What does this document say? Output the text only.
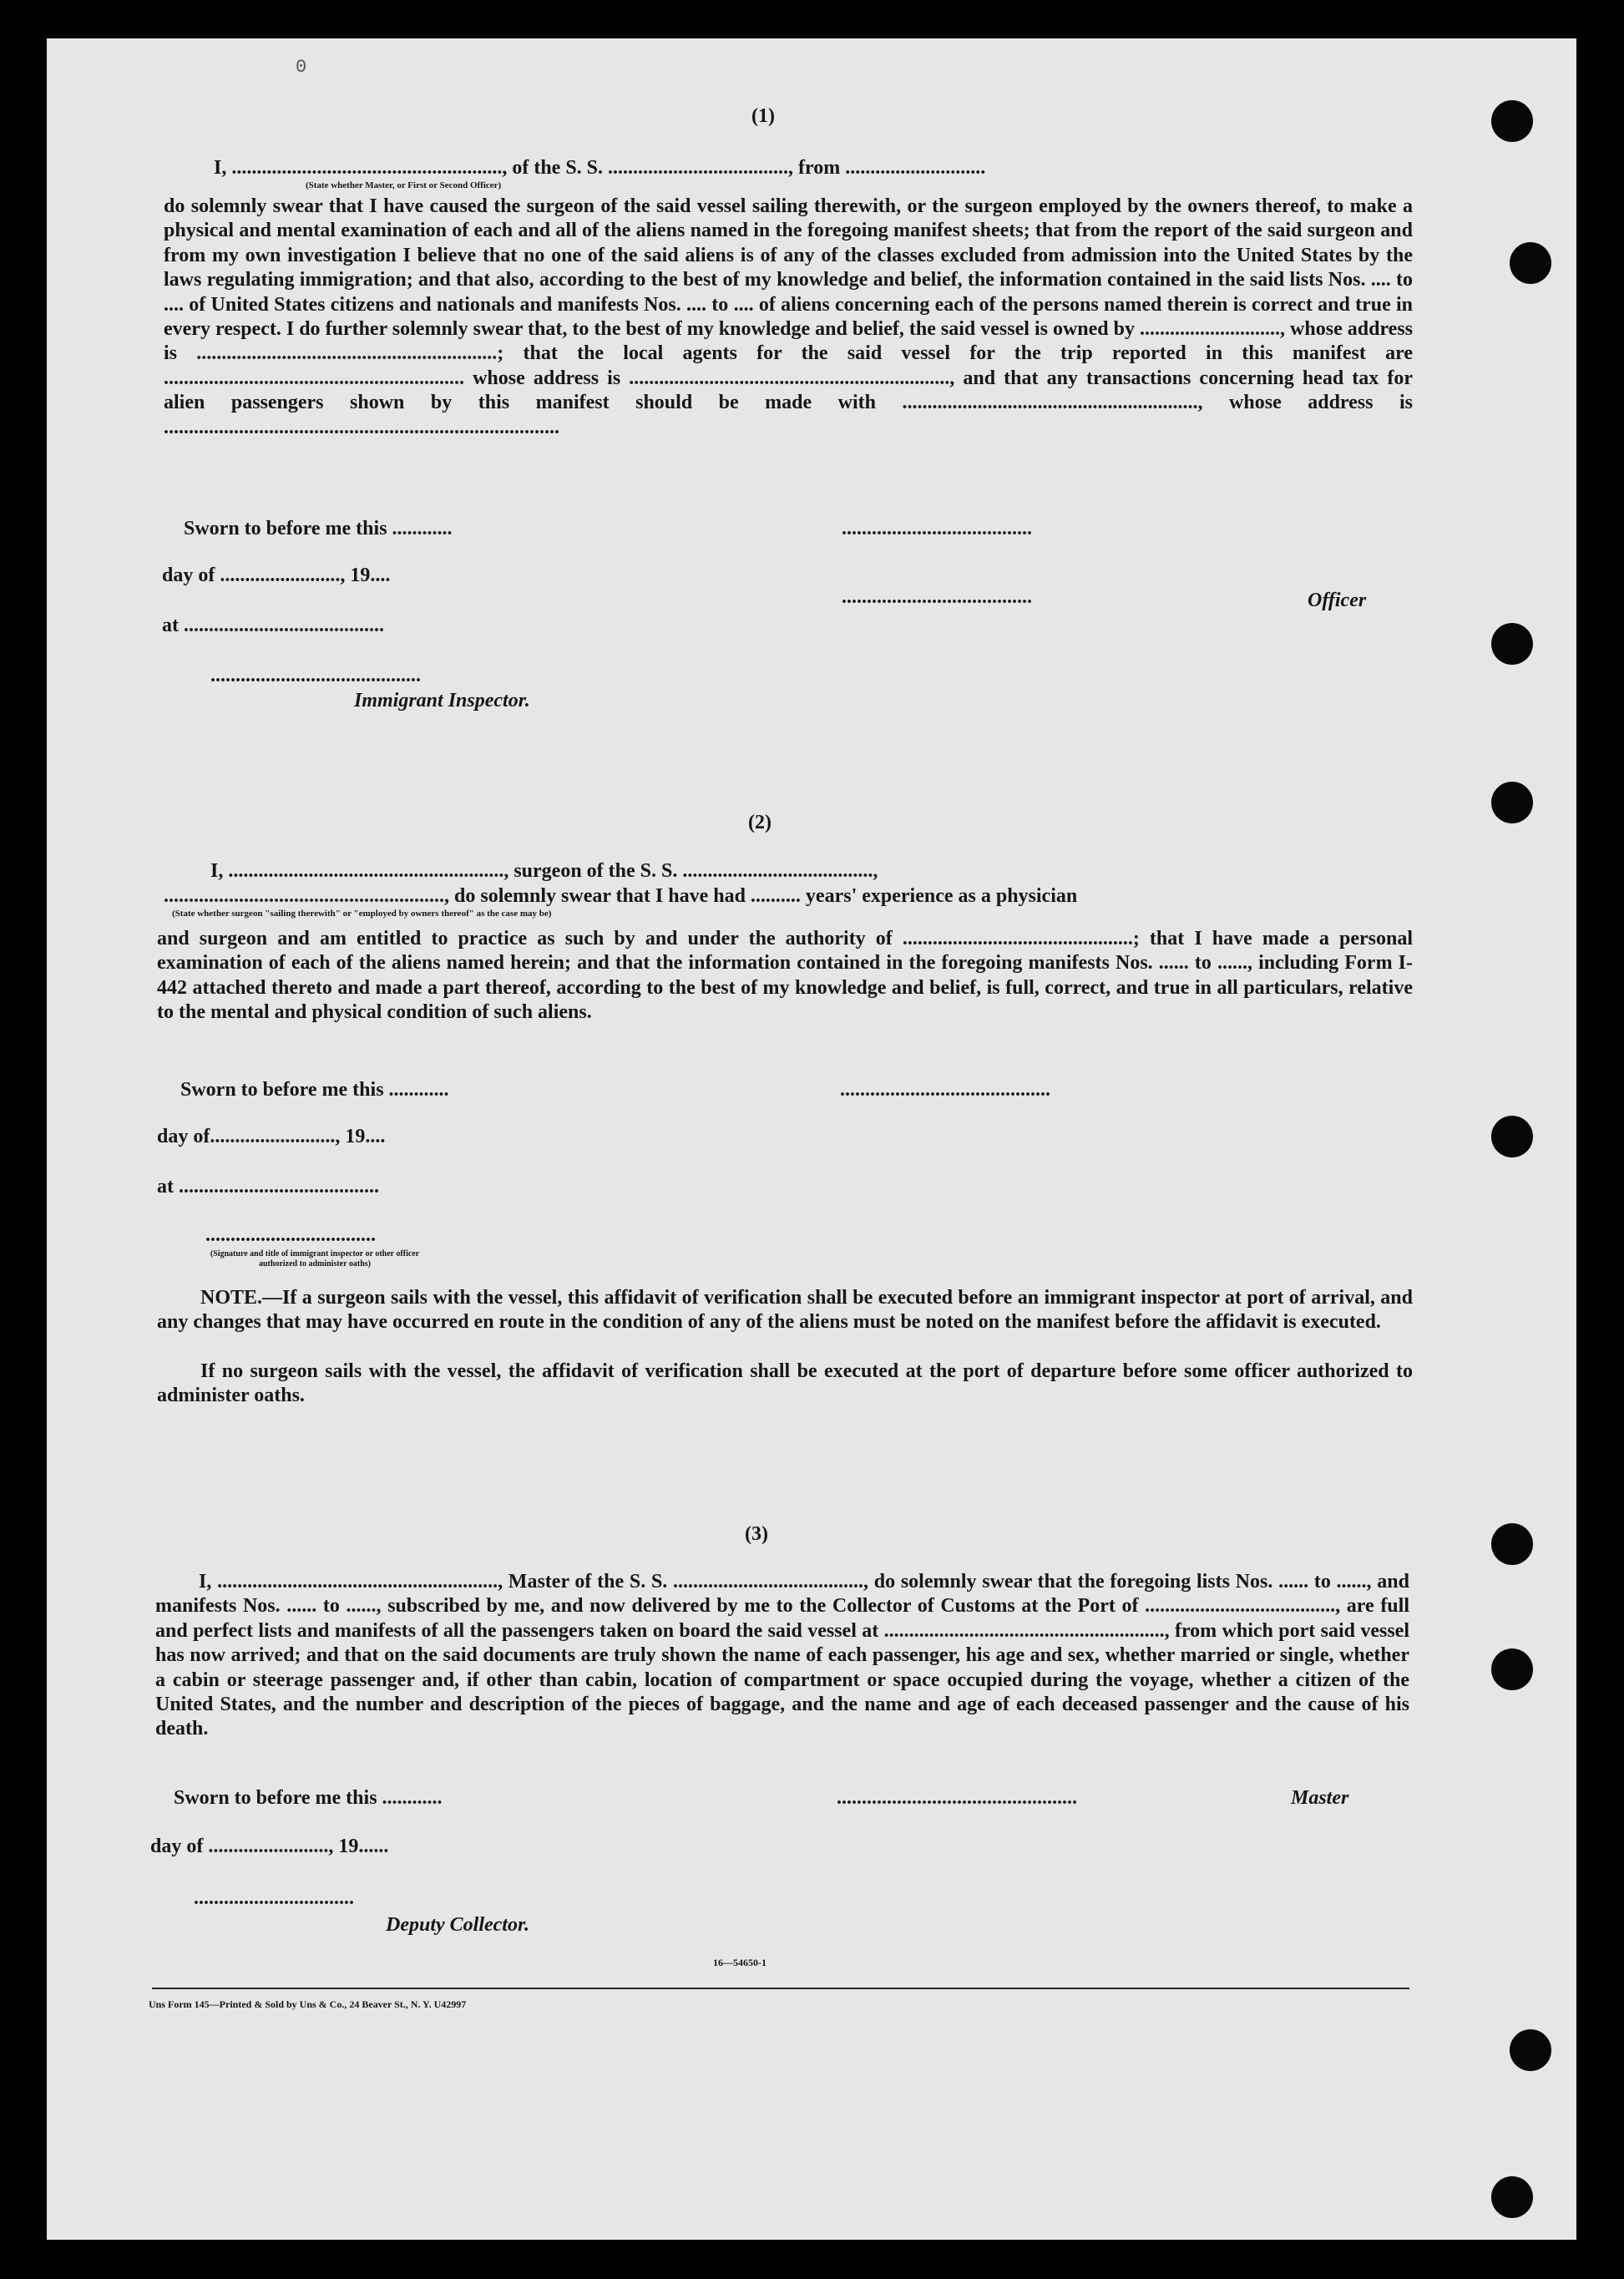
0
(1)
I, ......................................................, of the S. S. ...................................., from ............................
(State whether Master, or First or Second Officer)
do solemnly swear that I have caused the surgeon of the said vessel sailing therewith, or the surgeon employed by the owners thereof, to make a physical and mental examination of each and all of the aliens named in the foregoing manifest sheets; that from the report of the said surgeon and from my own investigation I believe that no one of the said aliens is of any of the classes excluded from admission into the United States by the laws regulating immigration; and that also, according to the best of my knowledge and belief, the information contained in the said lists Nos. .... to .... of United States citizens and nationals and manifests Nos. .... to .... of aliens concerning each of the persons named therein is correct and true in every respect. I do further solemnly swear that, to the best of my knowledge and belief, the said vessel is owned by ............................, whose address is ............................................................; that the local agents for the said vessel for the trip reported in this manifest are ............................................................ whose address is ................................................................, and that any transactions concerning head tax for alien passengers shown by this manifest should be made with ..........................................................., whose address is ...............................................................................
Sworn to before me this ............	......................................
day of ........................, 19....
......................................	Officer
at ........................................
..........................................
Immigrant Inspector.
(2)
I, ......................................................., surgeon of the S. S. ......................................,
........................................................, do solemnly swear that I have had .......... years' experience as a physician
(State whether surgeon "sailing therewith" or "employed by owners thereof" as the case may be)
and surgeon and am entitled to practice as such by and under the authority of ..............................................; that I have made a personal examination of each of the aliens named herein; and that the information contained in the foregoing manifests Nos. ...... to ......, including Form I-442 attached thereto and made a part thereof, according to the best of my knowledge and belief, is full, correct, and true in all particulars, relative to the mental and physical condition of such aliens.
Sworn to before me this ............	..........................................
day of........................., 19....
at ........................................
..................................
(Signature and title of immigrant inspector or other officer authorized to administer oaths)
NOTE.—If a surgeon sails with the vessel, this affidavit of verification shall be executed before an immigrant inspector at port of arrival, and any changes that may have occurred en route in the condition of any of the aliens must be noted on the manifest before the affidavit is executed.
If no surgeon sails with the vessel, the affidavit of verification shall be executed at the port of departure before some officer authorized to administer oaths.
(3)
I, ........................................................, Master of the S. S. ......................................, do solemnly swear that the foregoing lists Nos. ...... to ......, and manifests Nos. ...... to ......, subscribed by me, and now delivered by me to the Collector of Customs at the Port of ......................................, are full and perfect lists and manifests of all the passengers taken on board the said vessel at ........................................................, from which port said vessel has now arrived; and that on the said documents are truly shown the name of each passenger, his age and sex, whether married or single, whether a cabin or steerage passenger and, if other than cabin, location of compartment or space occupied during the voyage, whether a citizen of the United States, and the number and description of the pieces of baggage, and the name and age of each deceased passenger and the cause of his death.
Sworn to before me this ............	................................................	Master
day of ........................, 19......
................................
Deputy Collector.
16—54650-1
Uns Form 145—Printed & Sold by Uns & Co., 24 Beaver St., N. Y. U42997
